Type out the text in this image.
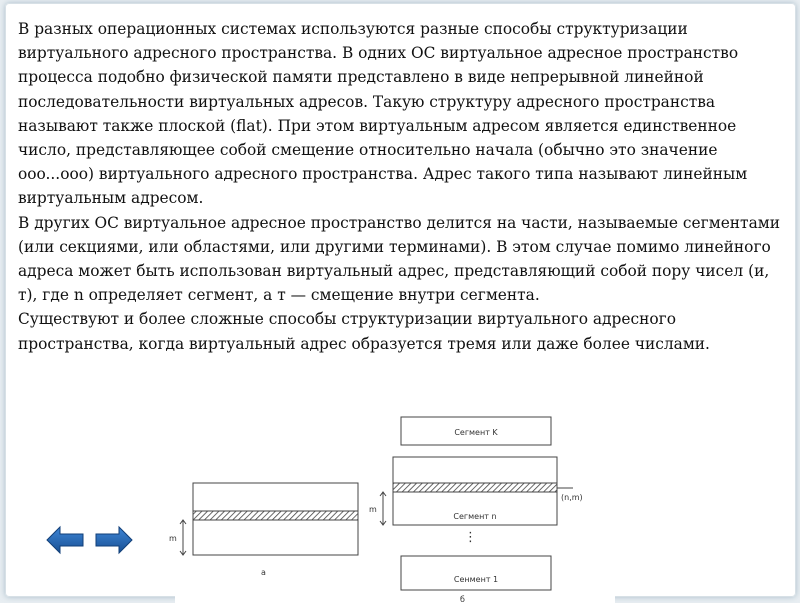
В разных операционных системах используются разные способы структуризации виртуального адресного пространства. В одних ОС виртуальное адресное пространство процесса подобно физической памяти представлено в виде непрерывной линейной последовательности виртуальных адресов. Такую структуру адресного пространства называют также плоской (flat). При этом виртуальным адресом является единственное число, представляющее собой смещение относительно начала (обычно это значение ooo...ooo) виртуального адресного пространства. Адрес такого типа называют линейным виртуальным адресом.

В других ОС виртуальное адресное пространство делится на части, называемые сегментами (или секциями, или областями, или другими терминами). В этом случае помимо линейного адреса может быть использован виртуальный адрес, представляющий собой пору чисел (и, т), где n определяет сегмент, а т — смещение внутри сегмента.

Существуют и более сложные способы структуризации виртуального адресного пространства, когда виртуальный адрес образуется тремя или даже более числами.

m
a
Сегмент K
Сегмент n
m
(n,m)
⋮
Сенмент 1
б
